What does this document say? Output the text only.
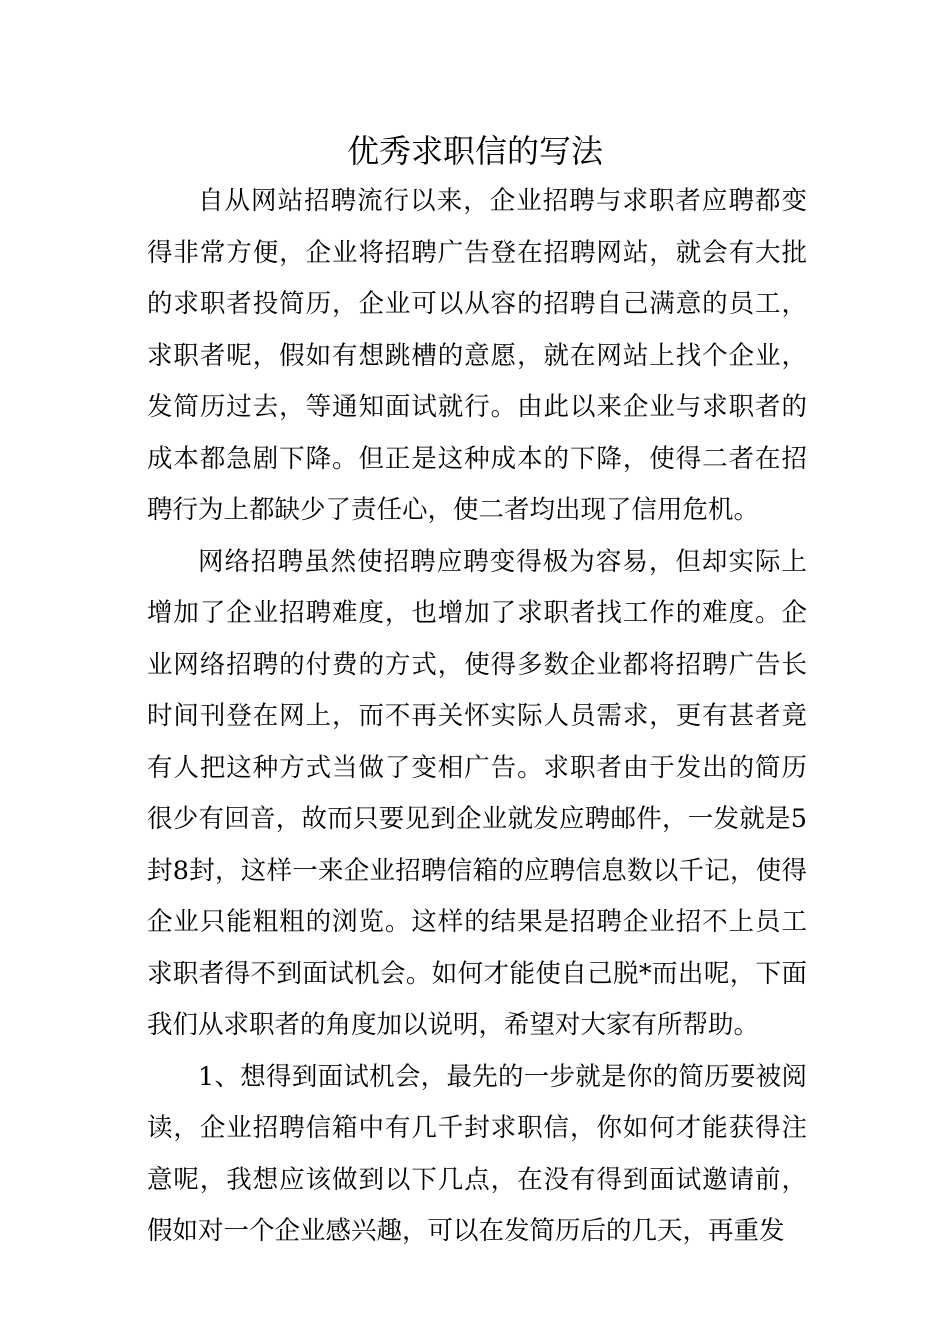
优秀求职信的写法

自从网站招聘流行以来，企业招聘与求职者应聘都变得非常方便，企业将招聘广告登在招聘网站，就会有大批的求职者投简历，企业可以从容的招聘自己满意的员工，求职者呢，假如有想跳槽的意愿，就在网站上找个企业，发简历过去，等通知面试就行。由此以来企业与求职者的成本都急剧下降。但正是这种成本的下降，使得二者在招聘行为上都缺少了责任心，使二者均出现了信用危机。

网络招聘虽然使招聘应聘变得极为容易，但却实际上增加了企业招聘难度，也增加了求职者找工作的难度。企业网络招聘的付费的方式，使得多数企业都将招聘广告长时间刊登在网上，而不再关怀实际人员需求，更有甚者竟有人把这种方式当做了变相广告。求职者由于发出的简历很少有回音，故而只要见到企业就发应聘邮件，一发就是5封8封，这样一来企业招聘信箱的应聘信息数以千记，使得企业只能粗粗的浏览。这样的结果是招聘企业招不上员工求职者得不到面试机会。如何才能使自己脱*而出呢，下面我们从求职者的角度加以说明，希望对大家有所帮助。

1、想得到面试机会，最先的一步就是你的简历要被阅读，企业招聘信箱中有几千封求职信，你如何才能获得注意呢，我想应该做到以下几点，在没有得到面试邀请前，假如对一个企业感兴趣，可以在发简历后的几天，再重发
